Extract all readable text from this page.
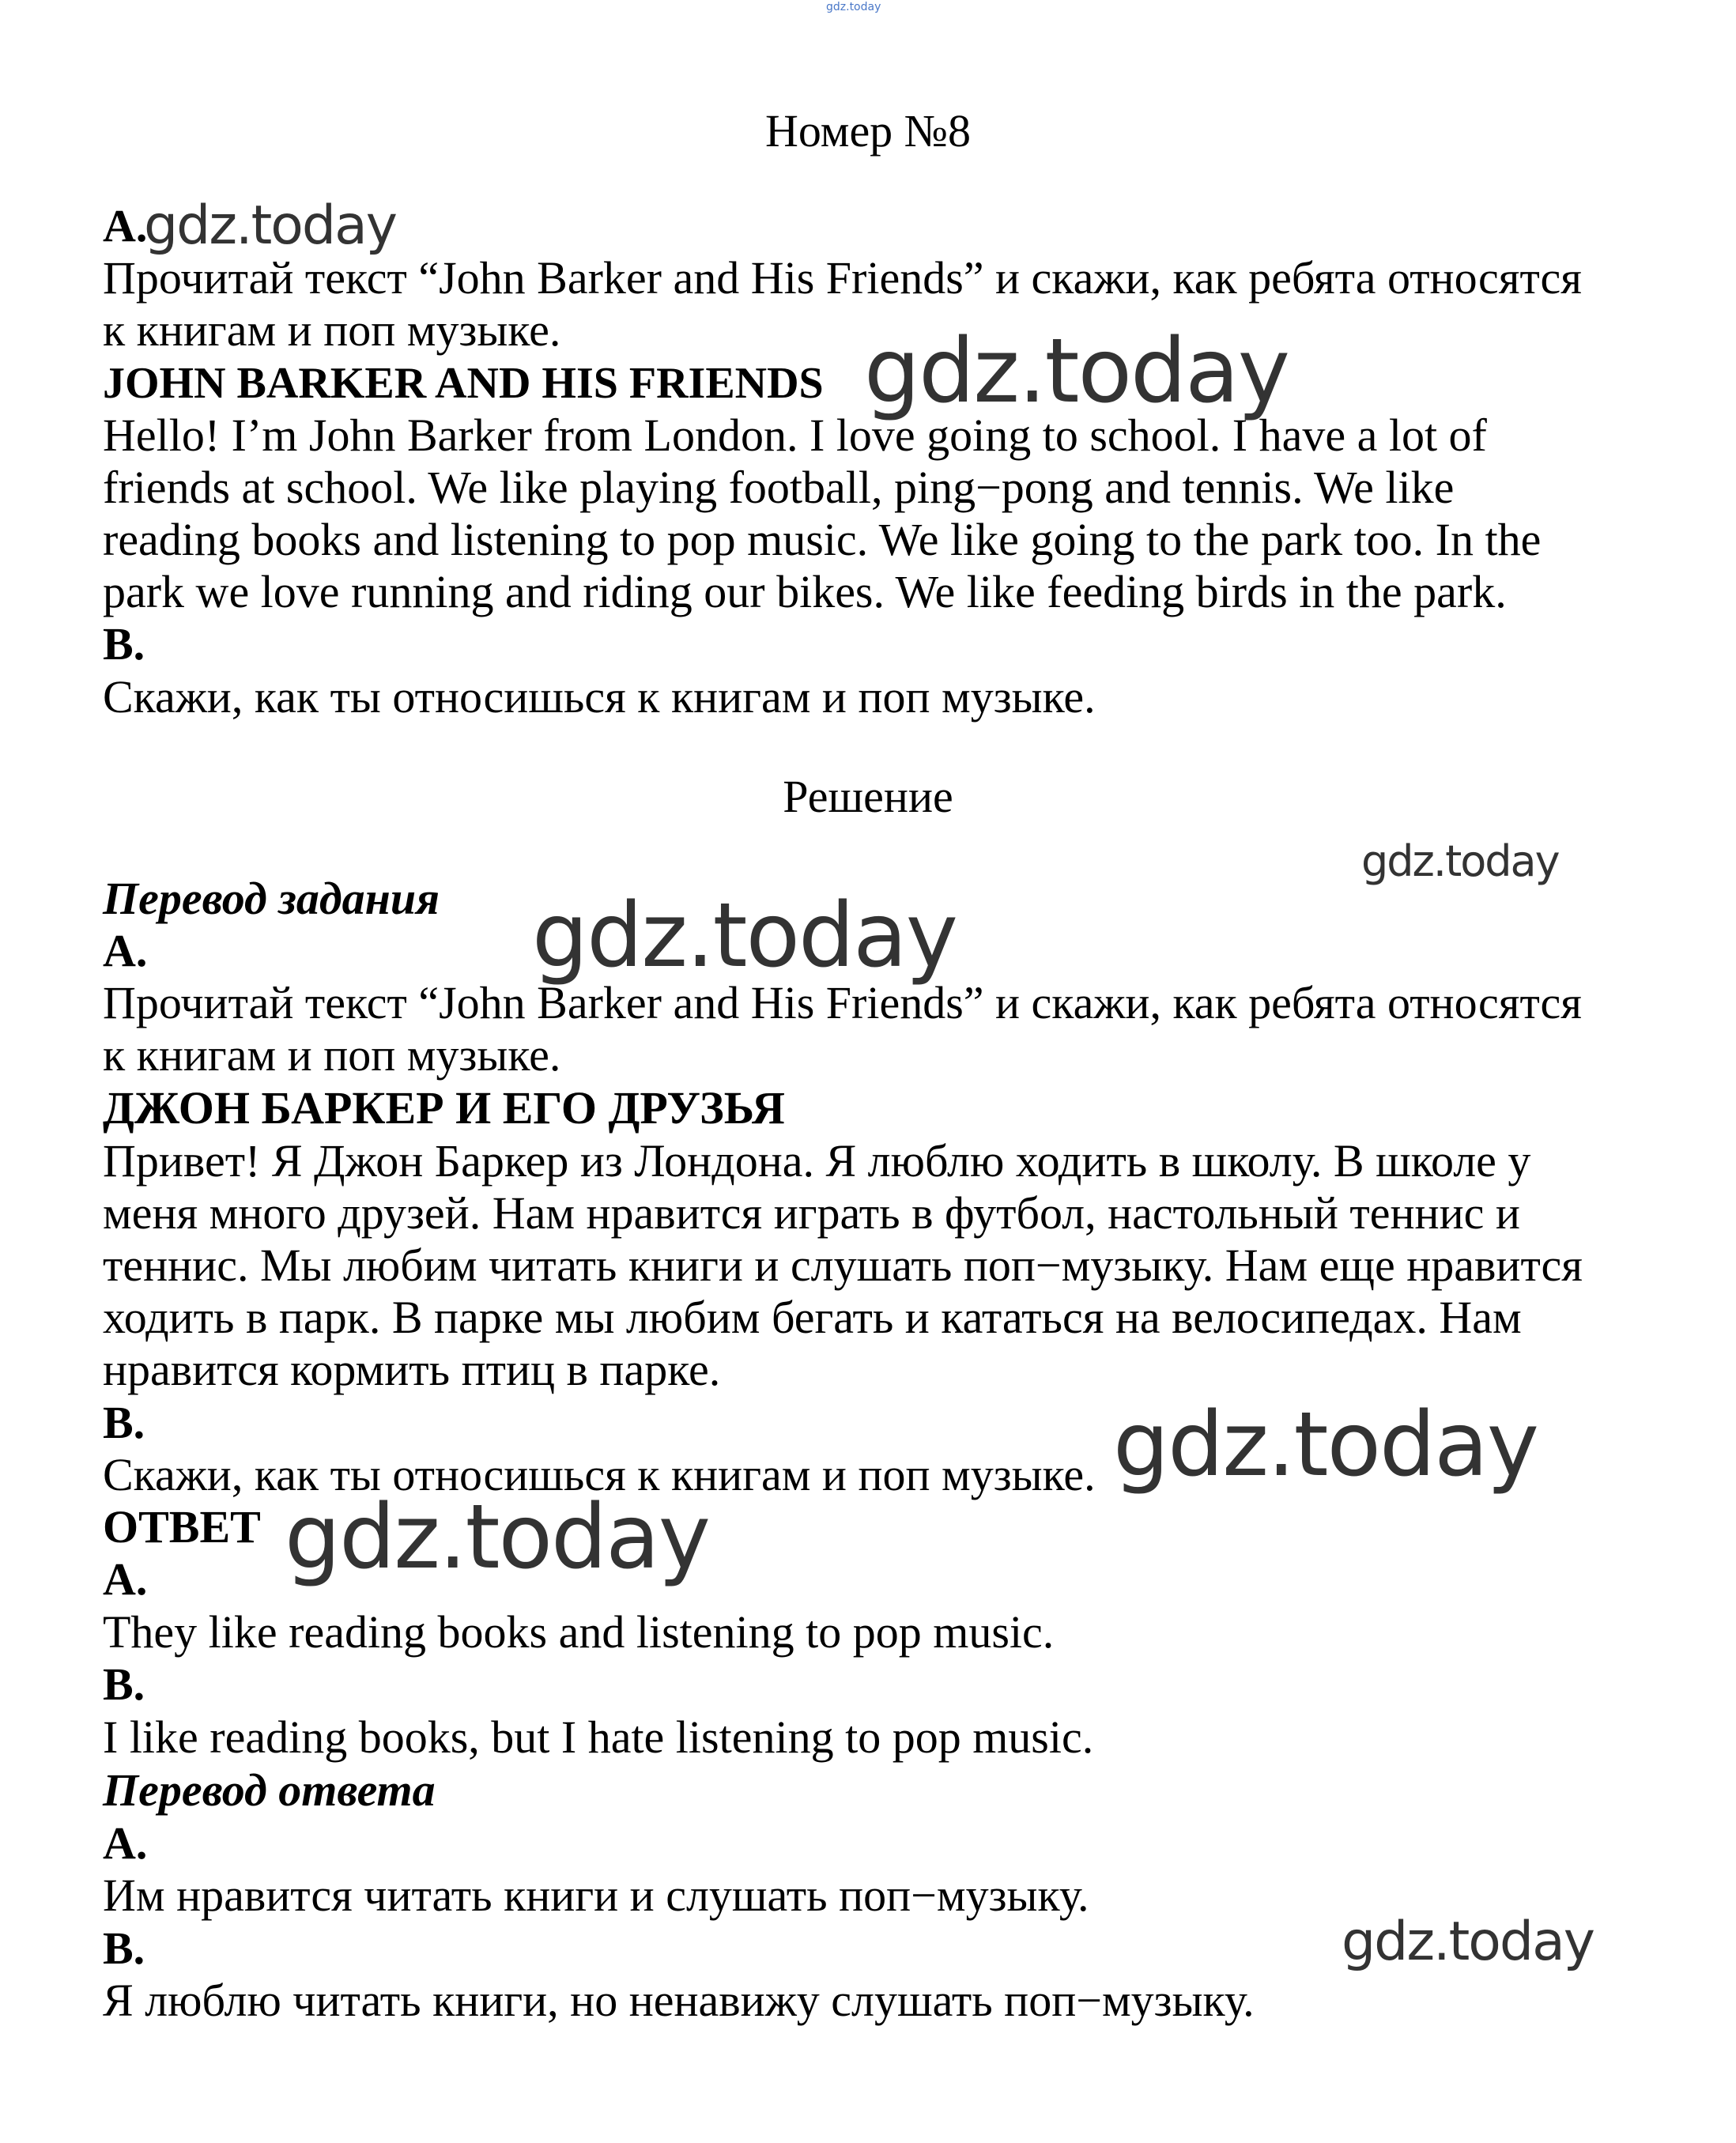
gdz.today
gdz.today
gdz.today
gdz.today
gdz.today
gdz.today
gdz.today
gdz.today

Номер №8

A.

Прочитай текст “John Barker and His Friends” и скажи, как ребята относятся

к книгам и поп музыке.

JOHN BARKER AND HIS FRIENDS

Hello! I’m John Barker from London. I love going to school. I have a lot of

friends at school. We like playing football, ping−pong and tennis. We like

reading books and listening to pop music. We like going to the park too. In the

park we love running and riding our bikes. We like feeding birds in the park.

B.

Скажи, как ты относишься к книгам и поп музыке.

Решение

Перевод задания

A.

Прочитай текст “John Barker and His Friends” и скажи, как ребята относятся

к книгам и поп музыке.

ДЖОН БАРКЕР И ЕГО ДРУЗЬЯ

Привет! Я Джон Баркер из Лондона. Я люблю ходить в школу. В школе у

меня много друзей. Нам нравится играть в футбол, настольный теннис и

теннис. Мы любим читать книги и слушать поп−музыку. Нам еще нравится

ходить в парк. В парке мы любим бегать и кататься на велосипедах. Нам

нравится кормить птиц в парке.

B.

Скажи, как ты относишься к книгам и поп музыке.

ОТВЕТ

A.

They like reading books and listening to pop music.

B.

I like reading books, but I hate listening to pop music.

Перевод ответа

A.

Им нравится читать книги и слушать поп−музыку.

B.

Я люблю читать книги, но ненавижу слушать поп−музыку.
